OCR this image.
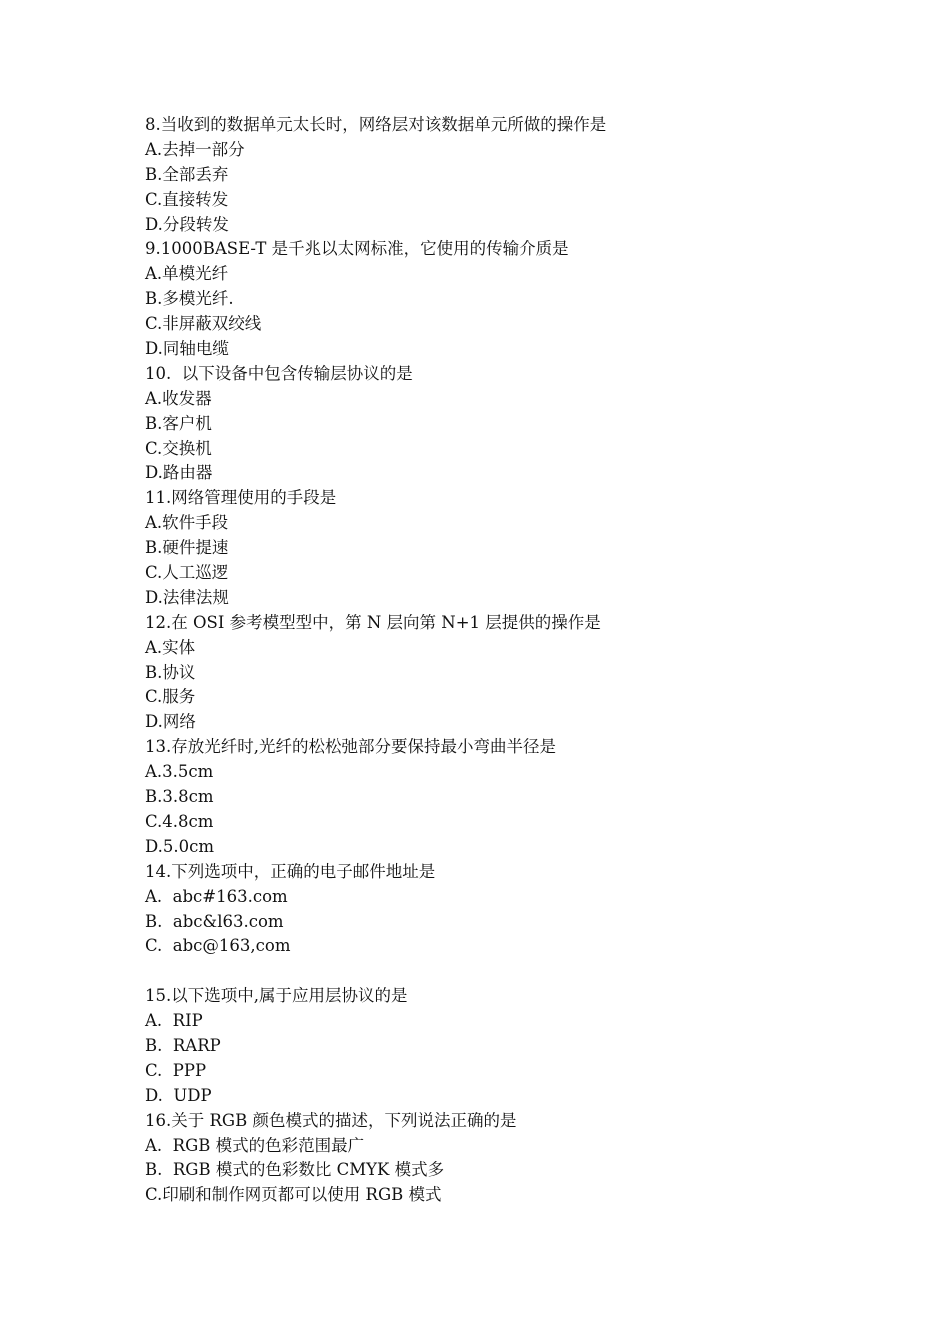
8.当收到的数据单元太长时，网络层对该数据单元所做的操作是
A.去掉一部分
B.全部丢弃
C.直接转发
D.分段转发
9.1000BASE-T 是千兆以太网标准，它使用的传输介质是
A.单模光纤
B.多模光纤.
C.非屏蔽双绞线
D.同轴电缆
10.  以下设备中包含传输层协议的是
A.收发器
B.客户机
C.交换机
D.路由器
11.网络管理使用的手段是
A.软件手段
B.硬件提速
C.人工巡逻
D.法律法规
12.在 OSI 参考模型型中，第 N 层向第 N+1 层提供的操作是
A.实体
B.协议
C.服务
D.网络
13.存放光纤时,光纤的松松弛部分要保持最小弯曲半径是
A.3.5cm
B.3.8cm
C.4.8cm
D.5.0cm
14.下列选项中，正确的电子邮件地址是
A.  abc#163.com
B.  abc&l63.com
C.  abc@163,com
15.以下选项中,属于应用层协议的是
A.  RIP
B.  RARP
C.  PPP
D.  UDP
16.关于 RGB 颜色模式的描述，下列说法正确的是
A.  RGB 模式的色彩范围最广
B.  RGB 模式的色彩数比 CMYK 模式多
C.印刷和制作网页都可以使用 RGB 模式
